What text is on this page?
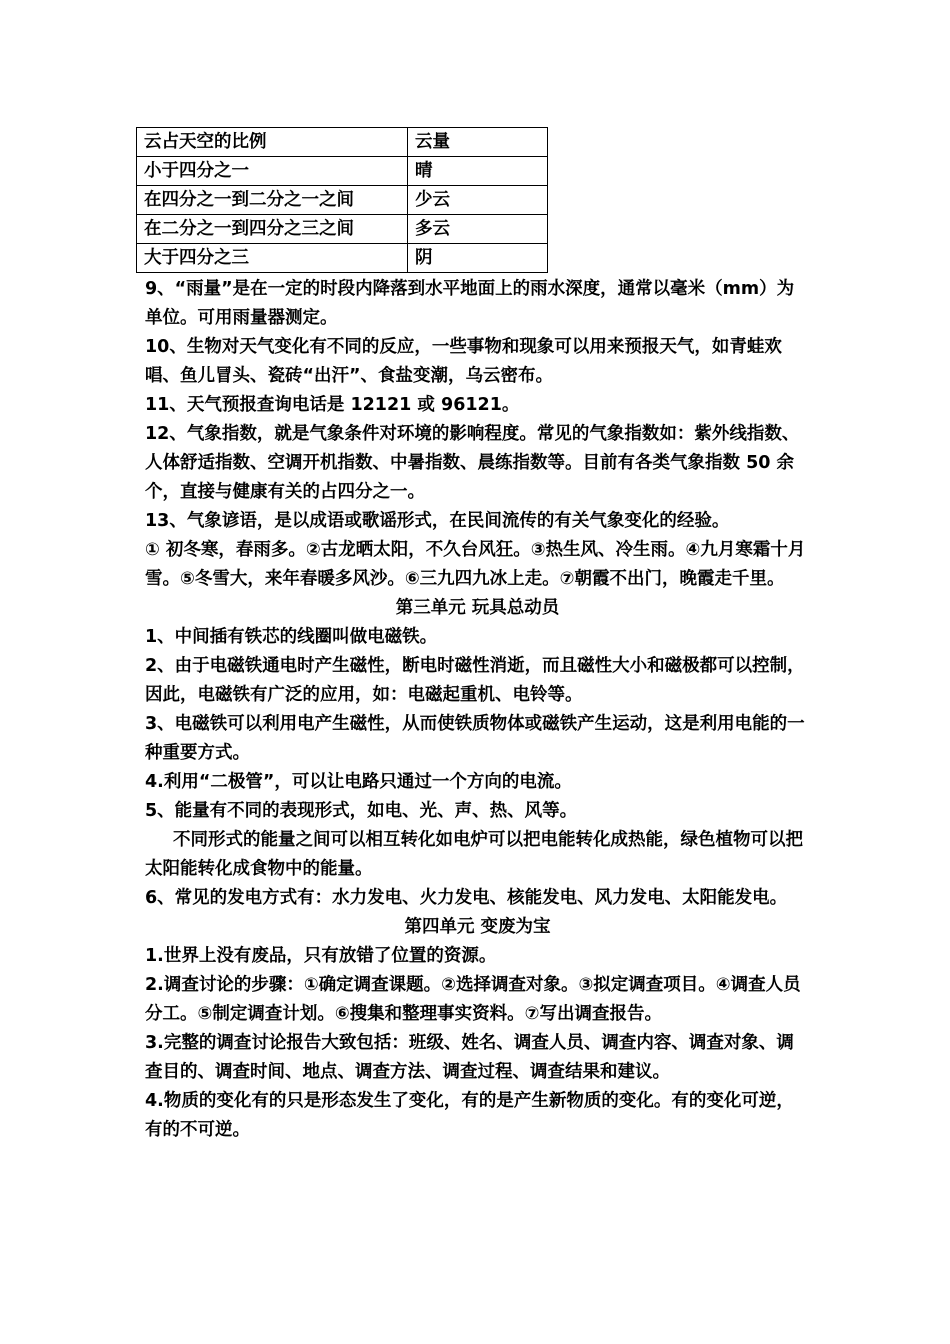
云占天空的比例	云量
小于四分之一	晴
在四分之一到二分之一之间	少云
在二分之一到四分之三之间	多云
大于四分之三	阴

9、“雨量”是在一定的时段内降落到水平地面上的雨水深度，通常以毫米（mm）为单位。可用雨量器测定。

10、生物对天气变化有不同的反应，一些事物和现象可以用来预报天气，如青蛙欢唱、鱼儿冒头、瓷砖“出汗”、食盐变潮，乌云密布。

11、天气预报查询电话是 12121 或 96121。

12、气象指数，就是气象条件对环境的影响程度。常见的气象指数如：紫外线指数、人体舒适指数、空调开机指数、中暑指数、晨练指数等。目前有各类气象指数 50 余个，直接与健康有关的占四分之一。

13、气象谚语，是以成语或歌谣形式，在民间流传的有关气象变化的经验。

① 初冬寒，春雨多。②古龙晒太阳，不久台风狂。③热生风、冷生雨。④九月寒霜十月雪。⑤冬雪大，来年春暖多风沙。⑥三九四九冰上走。⑦朝霞不出门，晚霞走千里。

第三单元 玩具总动员

1、中间插有铁芯的线圈叫做电磁铁。

2、由于电磁铁通电时产生磁性，断电时磁性消逝，而且磁性大小和磁极都可以控制，因此，电磁铁有广泛的应用，如：电磁起重机、电铃等。

3、电磁铁可以利用电产生磁性，从而使铁质物体或磁铁产生运动，这是利用电能的一种重要方式。

4.利用“二极管”，可以让电路只通过一个方向的电流。

5、能量有不同的表现形式，如电、光、声、热、风等。

不同形式的能量之间可以相互转化如电炉可以把电能转化成热能，绿色植物可以把太阳能转化成食物中的能量。

6、常见的发电方式有：水力发电、火力发电、核能发电、风力发电、太阳能发电。

第四单元 变废为宝

1.世界上没有废品，只有放错了位置的资源。

2.调查讨论的步骤：①确定调查课题。②选择调查对象。③拟定调查项目。④调查人员分工。⑤制定调查计划。⑥搜集和整理事实资料。⑦写出调查报告。

3.完整的调查讨论报告大致包括：班级、姓名、调查人员、调查内容、调查对象、调查目的、调查时间、地点、调查方法、调查过程、调查结果和建议。

4.物质的变化有的只是形态发生了变化，有的是产生新物质的变化。有的变化可逆，有的不可逆。
